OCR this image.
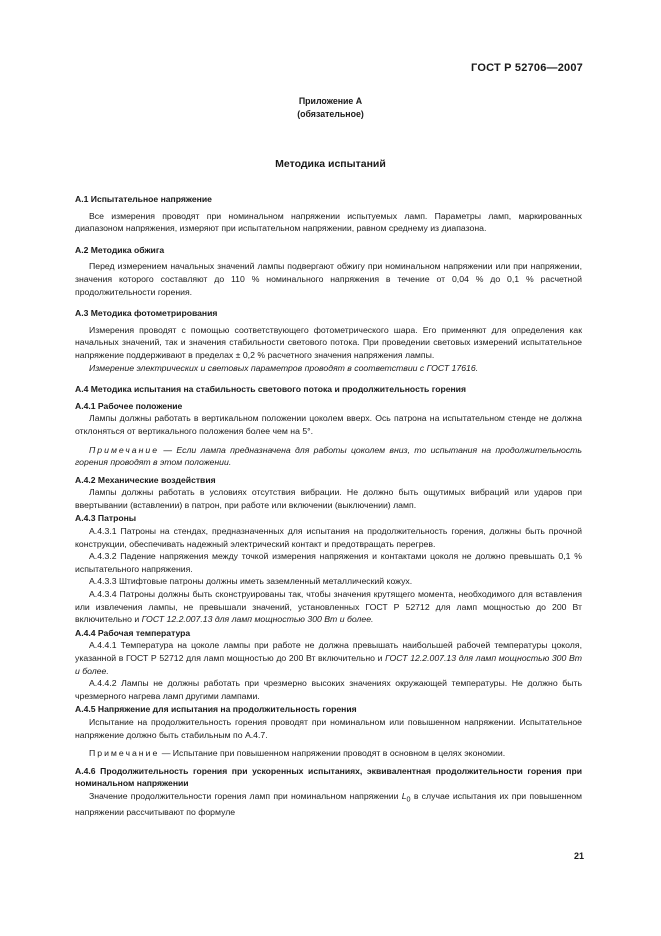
ГОСТ Р 52706—2007
Приложение А
(обязательное)
Методика испытаний
А.1 Испытательное напряжение

Все измерения проводят при номинальном напряжении испытуемых ламп. Параметры ламп, маркированных диапазоном напряжения, измеряют при испытательном напряжении, равном среднему из диапазона.

А.2 Методика обжига

Перед измерением начальных значений лампы подвергают обжигу при номинальном напряжении или при напряжении, значения которого составляют до 110 % номинального напряжения в течение от 0,04 % до 0,1 % расчетной продолжительности горения.

А.3 Методика фотометрирования

Измерения проводят с помощью соответствующего фотометрического шара. Его применяют для определения как начальных значений, так и значения стабильности светового потока. При проведении световых измерений испытательное напряжение поддерживают в пределах ± 0,2 % расчетного значения напряжения лампы.

Измерение электрических и световых параметров проводят в соответствии с ГОСТ 17616.

А.4 Методика испытания на стабильность светового потока и продолжительность горения
А.4.1 Рабочее положение

Лампы должны работать в вертикальном положении цоколем вверх. Ось патрона на испытательном стенде не должна отклоняться от вертикального положения более чем на 5°.

Примечание — Если лампа предназначена для работы цоколем вниз, то испытания на продолжительность горения проводят в этом положении.

А.4.2 Механические воздействия

Лампы должны работать в условиях отсутствия вибрации. Не должно быть ощутимых вибраций или ударов при ввертывании (вставлении) в патрон, при работе или включении (выключении) ламп.

А.4.3 Патроны

А.4.3.1 Патроны на стендах, предназначенных для испытания на продолжительность горения, должны быть прочной конструкции, обеспечивать надежный электрический контакт и предотвращать перегрев.

А.4.3.2 Падение напряжения между точкой измерения напряжения и контактами цоколя не должно превышать 0,1 % испытательного напряжения.

А.4.3.3 Штифтовые патроны должны иметь заземленный металлический кожух.

А.4.3.4 Патроны должны быть сконструированы так, чтобы значения крутящего момента, необходимого для вставления или извлечения лампы, не превышали значений, установленных ГОСТ Р 52712 для ламп мощностью до 200 Вт включительно и ГОСТ 12.2.007.13 для ламп мощностью 300 Вт и более.

А.4.4 Рабочая температура

А.4.4.1 Температура на цоколе лампы при работе не должна превышать наибольшей рабочей температуры цоколя, указанной в ГОСТ Р 52712 для ламп мощностью до 200 Вт включительно и ГОСТ 12.2.007.13 для ламп мощностью 300 Вт и более.

А.4.4.2 Лампы не должны работать при чрезмерно высоких значениях окружающей температуры. Не должно быть чрезмерного нагрева ламп другими лампами.

А.4.5 Напряжение для испытания на продолжительность горения

Испытание на продолжительность горения проводят при номинальном или повышенном напряжении. Испытательное напряжение должно быть стабильным по А.4.7.

Примечание — Испытание при повышенном напряжении проводят в основном в целях экономии.

А.4.6 Продолжительность горения при ускоренных испытаниях, эквивалентная продолжительности горения при номинальном напряжении

Значение продолжительности горения ламп при номинальном напряжении $L_0$ в случае испытания их при повышенном напряжении рассчитывают по формуле

21
